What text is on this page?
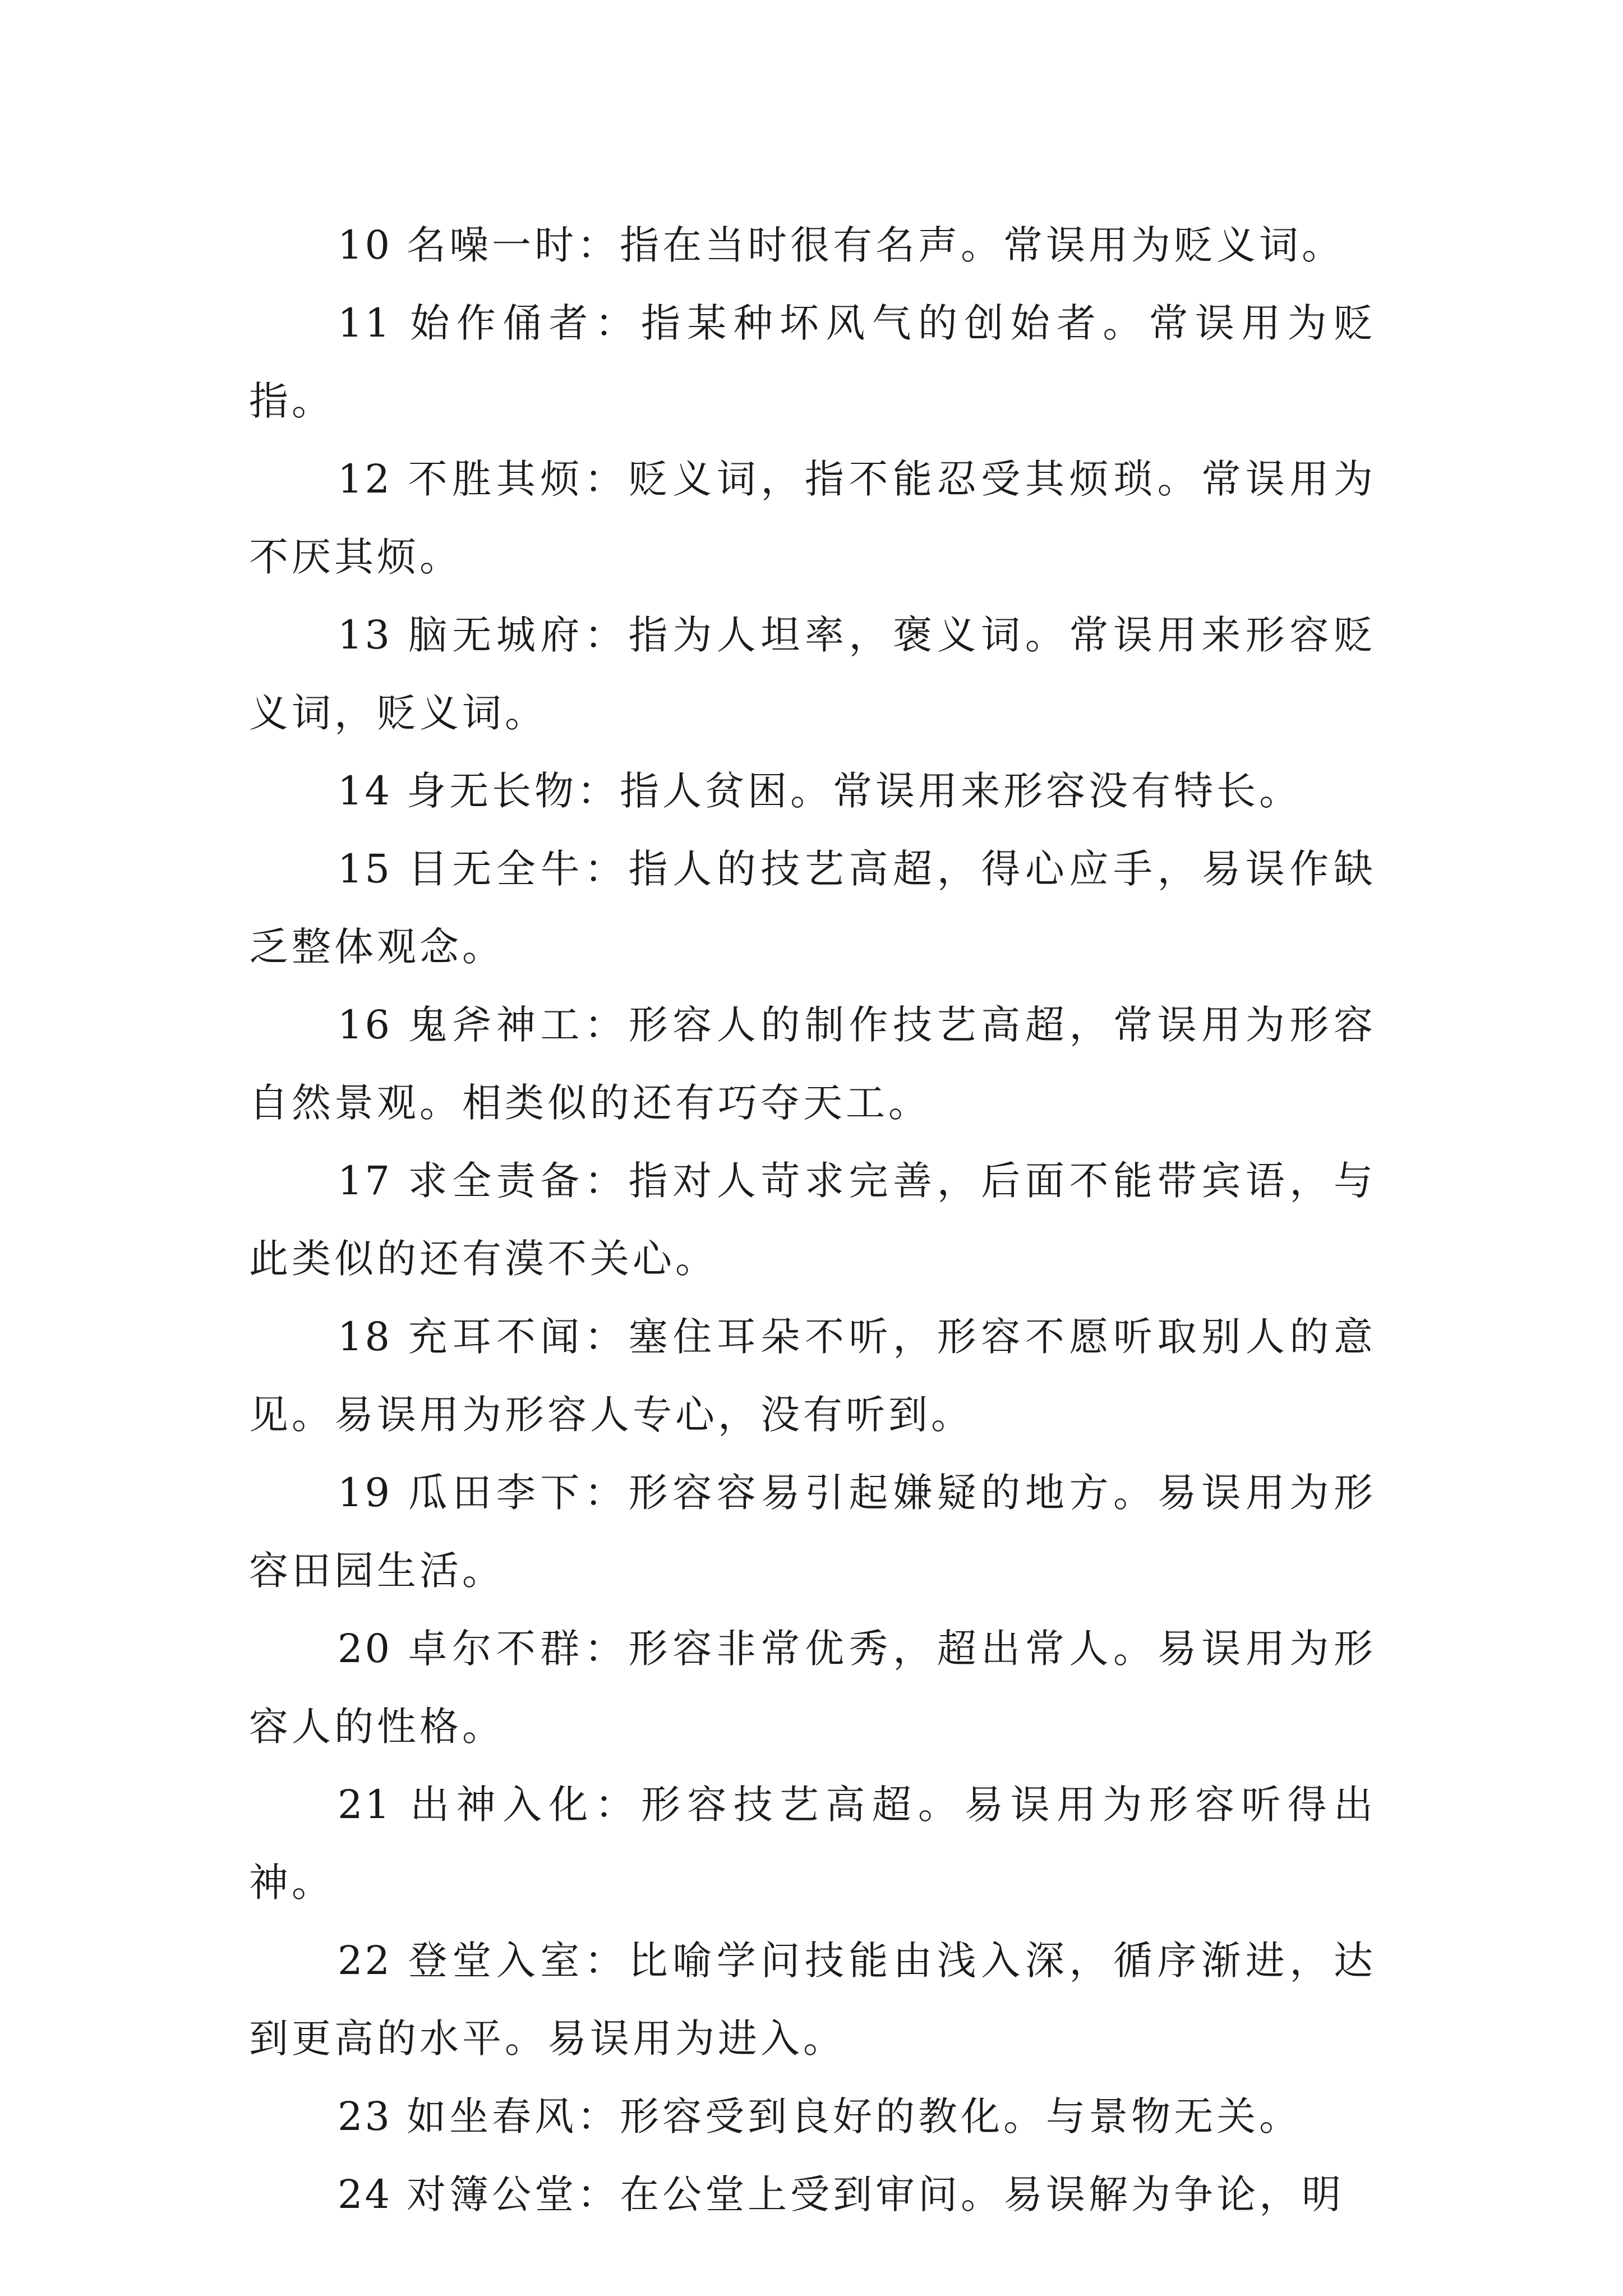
10 名噪一时：指在当时很有名声。常误用为贬义词。

11 始作俑者：指某种坏风气的创始者。常误用为贬指。

12 不胜其烦：贬义词，指不能忍受其烦琐。常误用为不厌其烦。

13 脑无城府：指为人坦率，褒义词。常误用来形容贬义词，贬义词。

14 身无长物：指人贫困。常误用来形容没有特长。

15 目无全牛：指人的技艺高超，得心应手，易误作缺乏整体观念。

16 鬼斧神工：形容人的制作技艺高超，常误用为形容自然景观。相类似的还有巧夺天工。

17 求全责备：指对人苛求完善，后面不能带宾语，与此类似的还有漠不关心。

18 充耳不闻：塞住耳朵不听，形容不愿听取别人的意见。易误用为形容人专心，没有听到。

19 瓜田李下：形容容易引起嫌疑的地方。易误用为形容田园生活。

20 卓尔不群：形容非常优秀，超出常人。易误用为形容人的性格。

21 出神入化：形容技艺高超。易误用为形容听得出神。

22 登堂入室：比喻学问技能由浅入深，循序渐进，达到更高的水平。易误用为进入。

23 如坐春风：形容受到良好的教化。与景物无关。

24 对簿公堂：在公堂上受到审问。易误解为争论，明
